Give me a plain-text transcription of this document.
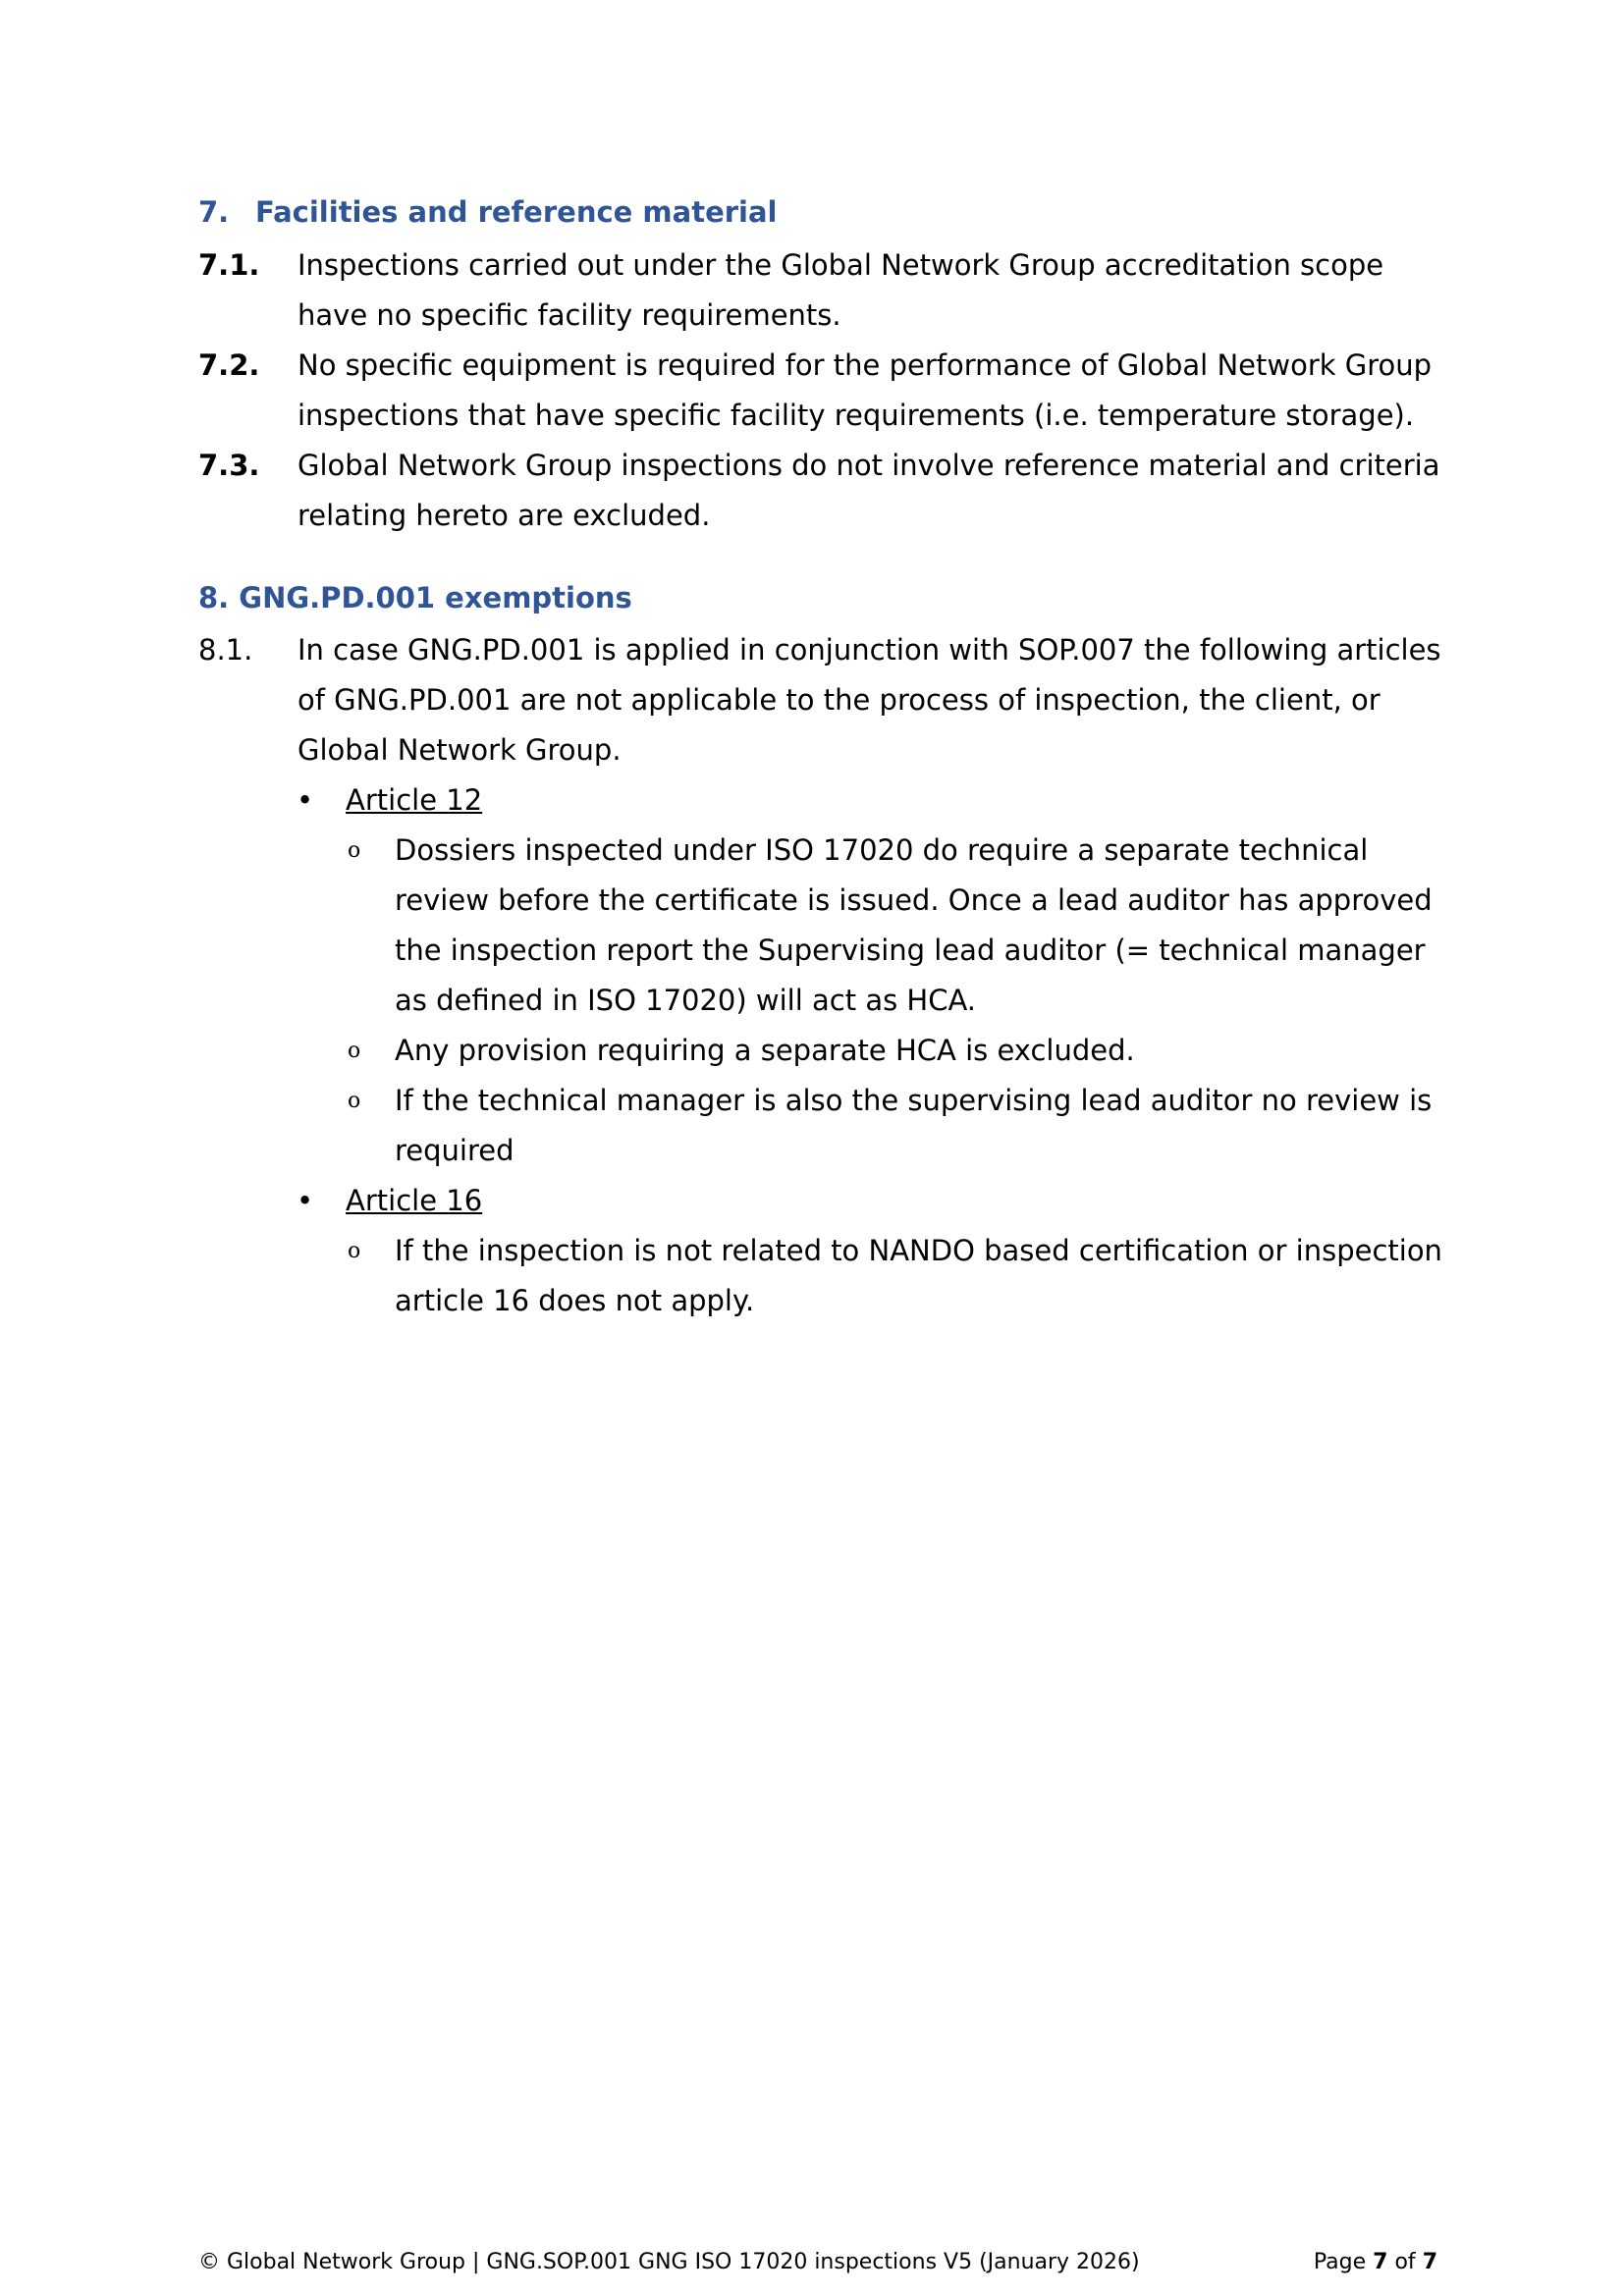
7. Facilities and reference material
7.1. Inspections carried out under the Global Network Group accreditation scope have no specific facility requirements.
7.2. No specific equipment is required for the performance of Global Network Group inspections that have specific facility requirements (i.e. temperature storage).
7.3. Global Network Group inspections do not involve reference material and criteria relating hereto are excluded.
8. GNG.PD.001 exemptions
8.1. In case GNG.PD.001 is applied in conjunction with SOP.007 the following articles of GNG.PD.001 are not applicable to the process of inspection, the client, or Global Network Group.
• Article 12
o Dossiers inspected under ISO 17020 do require a separate technical review before the certificate is issued. Once a lead auditor has approved the inspection report the Supervising lead auditor (= technical manager as defined in ISO 17020) will act as HCA.
o Any provision requiring a separate HCA is excluded.
o If the technical manager is also the supervising lead auditor no review is required
• Article 16
o If the inspection is not related to NANDO based certification or inspection article 16 does not apply.
© Global Network Group | GNG.SOP.001 GNG ISO 17020 inspections V5 (January 2026)	Page 7 of 7
